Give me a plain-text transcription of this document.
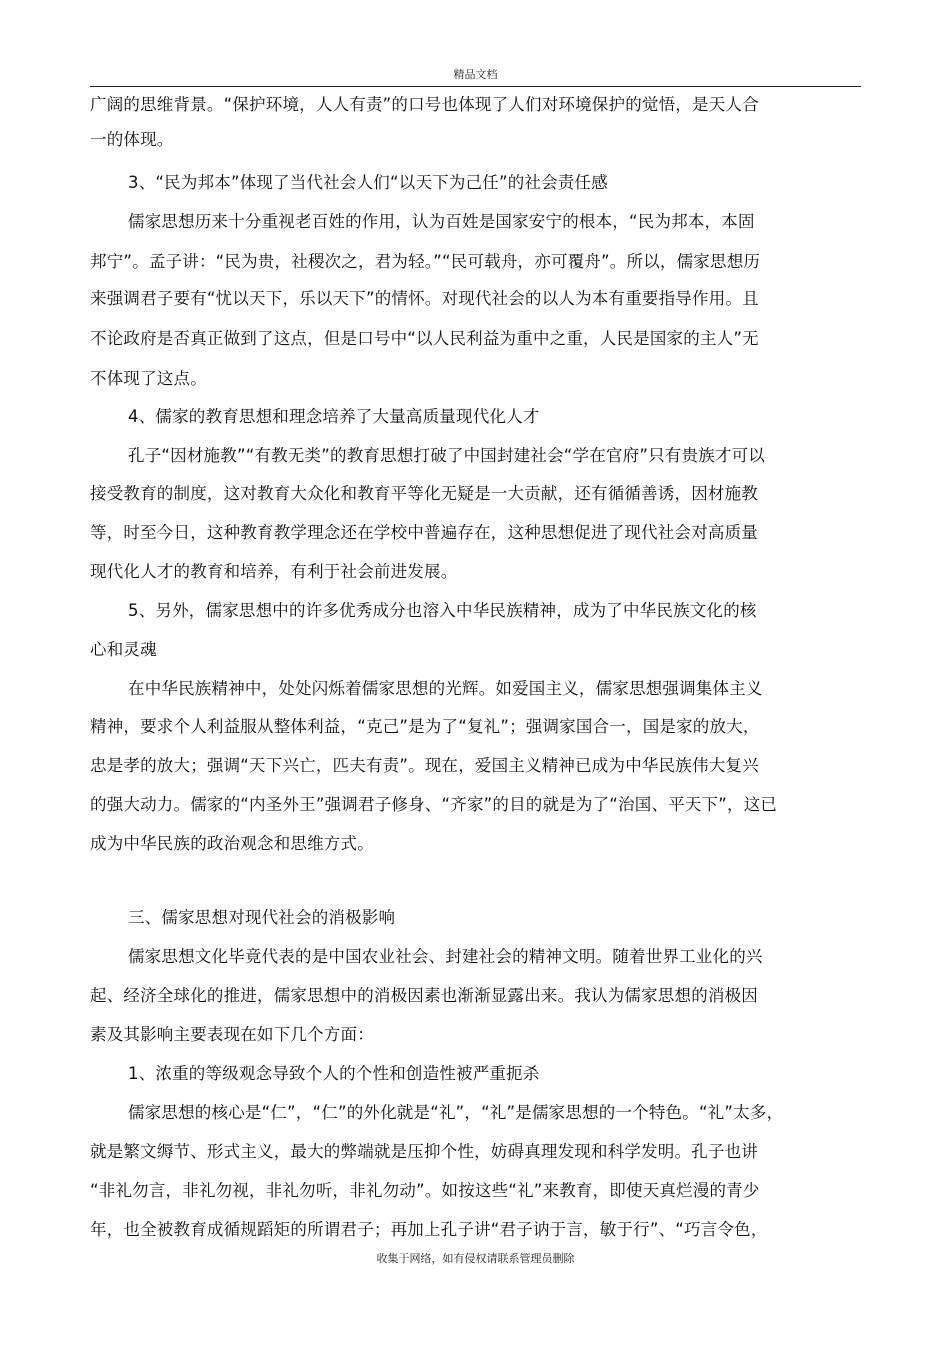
精品文档
广阔的思维背景。“保护环境，人人有责”的口号也体现了人们对环境保护的觉悟，是天人合
一的体现。
3、“民为邦本”体现了当代社会人们“以天下为己任”的社会责任感
儒家思想历来十分重视老百姓的作用，认为百姓是国家安宁的根本，“民为邦本，本固
邦宁”。孟子讲：“民为贵，社稷次之，君为轻。”“民可载舟，亦可覆舟”。所以，儒家思想历
来强调君子要有“忧以天下，乐以天下”的情怀。对现代社会的以人为本有重要指导作用。且
不论政府是否真正做到了这点，但是口号中“以人民利益为重中之重，人民是国家的主人”无
不体现了这点。
4、儒家的教育思想和理念培养了大量高质量现代化人才
孔子“因材施教”“有教无类”的教育思想打破了中国封建社会“学在官府”只有贵族才可以
接受教育的制度，这对教育大众化和教育平等化无疑是一大贡献，还有循循善诱，因材施教
等，时至今日，这种教育教学理念还在学校中普遍存在，这种思想促进了现代社会对高质量
现代化人才的教育和培养，有利于社会前进发展。
5、另外，儒家思想中的许多优秀成分也溶入中华民族精神，成为了中华民族文化的核
心和灵魂
在中华民族精神中，处处闪烁着儒家思想的光辉。如爱国主义，儒家思想强调集体主义
精神，要求个人利益服从整体利益，“克己”是为了“复礼”；强调家国合一，国是家的放大，
忠是孝的放大；强调“天下兴亡，匹夫有责”。现在，爱国主义精神已成为中华民族伟大复兴
的强大动力。儒家的“内圣外王”强调君子修身、“齐家”的目的就是为了“治国、平天下”，这已
成为中华民族的政治观念和思维方式。
三、儒家思想对现代社会的消极影响
儒家思想文化毕竟代表的是中国农业社会、封建社会的精神文明。随着世界工业化的兴
起、经济全球化的推进，儒家思想中的消极因素也渐渐显露出来。我认为儒家思想的消极因
素及其影响主要表现在如下几个方面：
1、浓重的等级观念导致个人的个性和创造性被严重扼杀
儒家思想的核心是“仁”，“仁”的外化就是“礼”，“礼”是儒家思想的一个特色。“礼”太多，
就是繁文缛节、形式主义，最大的弊端就是压抑个性，妨碍真理发现和科学发明。孔子也讲
“非礼勿言，非礼勿视，非礼勿听，非礼勿动”。如按这些“礼”来教育，即使天真烂漫的青少
年，也全被教育成循规蹈矩的所谓君子；再加上孔子讲“君子讷于言，敏于行”、“巧言令色，
收集于网络，如有侵权请联系管理员删除
